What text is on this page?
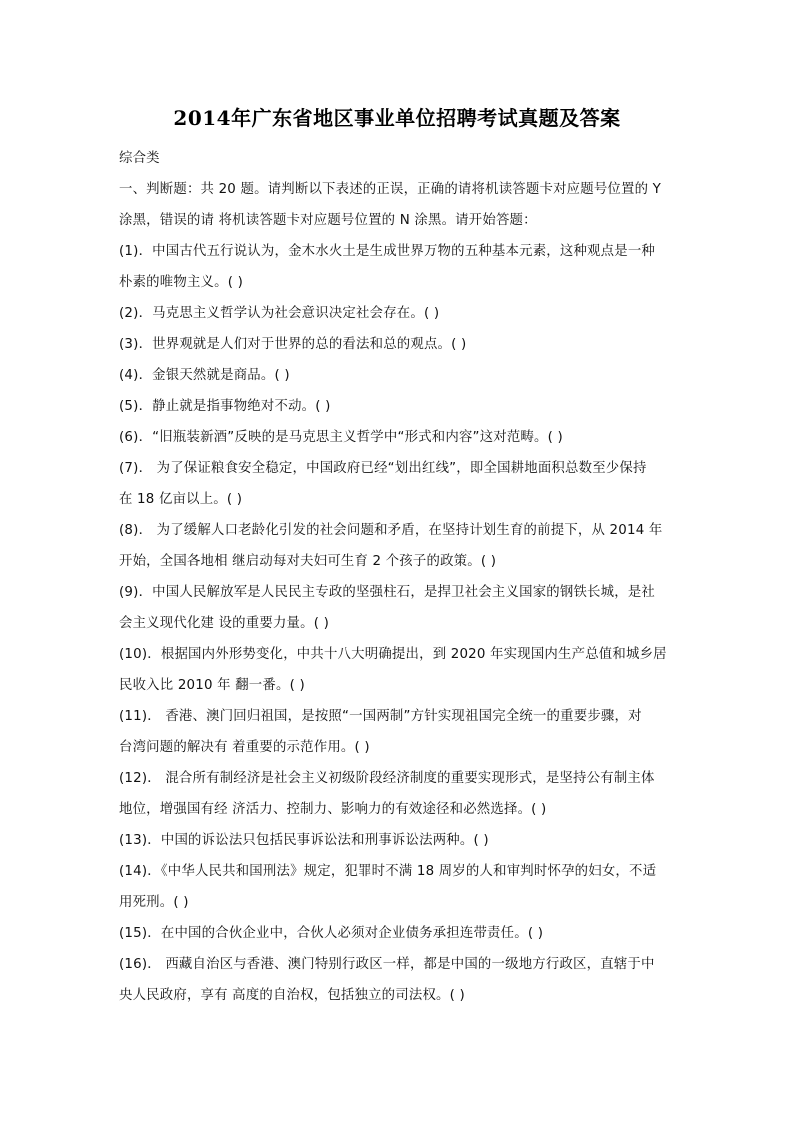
2014年广东省地区事业单位招聘考试真题及答案
综合类
一、判断题：共 20 题。请判断以下表述的正误，正确的请将机读答题卡对应题号位置的 Y
涂黑，错误的请 将机读答题卡对应题号位置的 N 涂黑。请开始答题：
(1)．中国古代五行说认为，金木水火土是生成世界万物的五种基本元素，这种观点是一种
朴素的唯物主义。( )
(2)．马克思主义哲学认为社会意识决定社会存在。( )
(3)．世界观就是人们对于世界的总的看法和总的观点。( )
(4)．金银天然就是商品。( )
(5)．静止就是指事物绝对不动。( )
(6)．“旧瓶装新酒”反映的是马克思主义哲学中“形式和内容”这对范畴。( )
(7)． 为了保证粮食安全稳定，中国政府已经“划出红线”，即全国耕地面积总数至少保持
在 18 亿亩以上。( )
(8)． 为了缓解人口老龄化引发的社会问题和矛盾，在坚持计划生育的前提下，从 2014 年
开始，全国各地相 继启动每对夫妇可生育 2 个孩子的政策。( )
(9)．中国人民解放军是人民民主专政的坚强柱石，是捍卫社会主义国家的钢铁长城，是社
会主义现代化建 设的重要力量。( )
(10)．根据国内外形势变化，中共十八大明确提出，到 2020 年实现国内生产总值和城乡居
民收入比 2010 年 翻一番。( )
(11)． 香港、澳门回归祖国，是按照“一国两制”方针实现祖国完全统一的重要步骤，对
台湾问题的解决有 着重要的示范作用。( )
(12)． 混合所有制经济是社会主义初级阶段经济制度的重要实现形式，是坚持公有制主体
地位，增强国有经 济活力、控制力、影响力的有效途径和必然选择。( )
(13)．中国的诉讼法只包括民事诉讼法和刑事诉讼法两种。( )
(14)．《中华人民共和国刑法》规定，犯罪时不满 18 周岁的人和审判时怀孕的妇女，不适
用死刑。( )
(15)．在中国的合伙企业中，合伙人必须对企业债务承担连带责任。( )
(16)． 西藏自治区与香港、澳门特别行政区一样，都是中国的一级地方行政区，直辖于中
央人民政府，享有 高度的自治权，包括独立的司法权。( )
